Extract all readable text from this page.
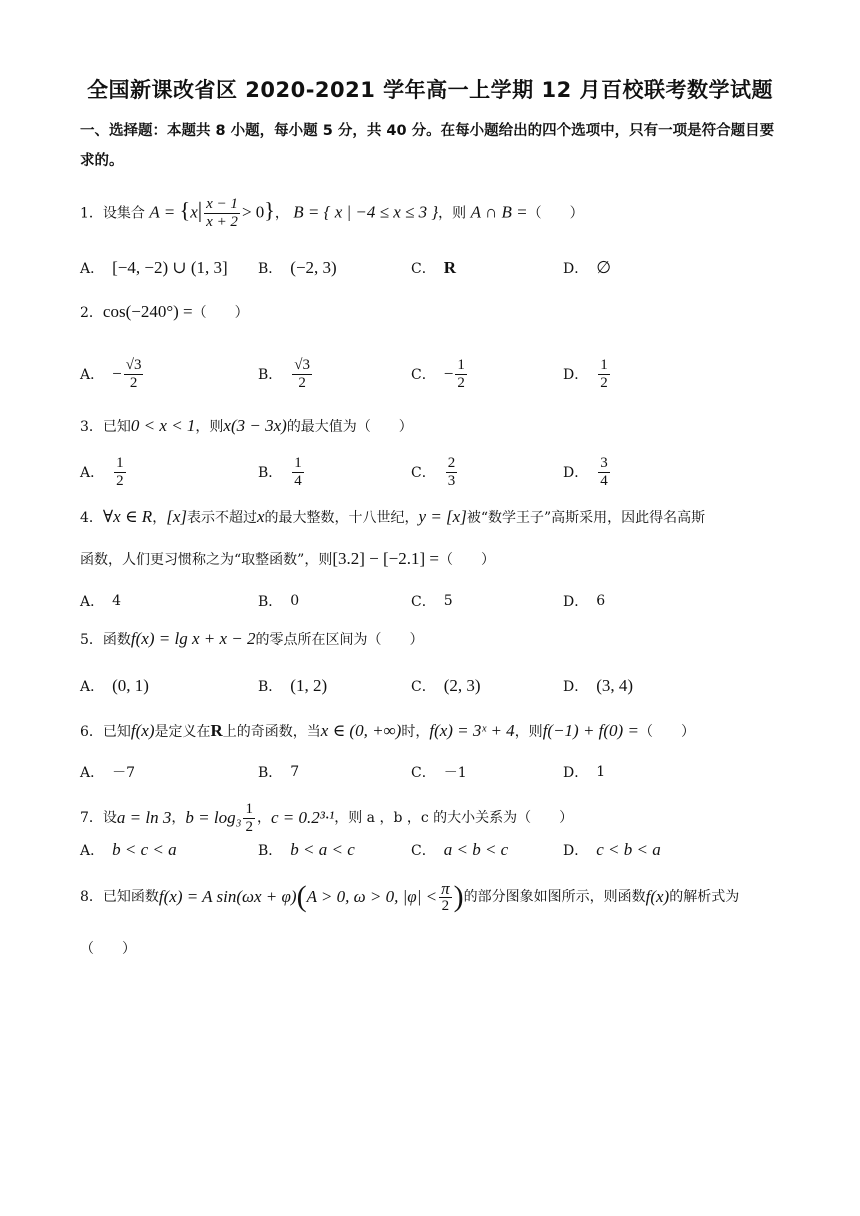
全国新课改省区 2020-2021 学年高一上学期 12 月百校联考数学试题
一、选择题：本题共 8 小题，每小题 5 分，共 40 分。在每小题给出的四个选项中，只有一项是符合题目要
求的。
1．设集合 $A = \{x| \frac{x - 1}{x + 2} > 0\}$， B = { x | −4 ≤ x ≤ 3 }，则 A ∩ B =（　　）
A． [−4, −2) ∪ (1, 3] B． (−2, 3)	C． R	D． ∅
2．cos(−240°) =（　　）
A． − $\frac{√3}{2}$	B． $\frac{√3}{2}$	C． − $\frac{1}{2}$	D． $\frac{1}{2}$
3．已知0 < x < 1，则x(3 − 3x)的最大值为（　　）
A． $\frac{1}{2}$	B． $\frac{1}{4}$	C． $\frac{2}{3}$	D． $\frac{3}{4}$
4．∀x ∈ R，[x]表示不超过x的最大整数，十八世纪，y = [x]被“数学王子”高斯采用，因此得名高斯
函数，人们更习惯称之为“取整函数”，则[3.2] − [−2.1] =（　　）
A． 4	B． 0	C． 5	D． 6
5．函数f(x) = lg x + x − 2的零点所在区间为（　　）
A． (0, 1)	B． (1, 2)	C． (2, 3)	D． (3, 4)
6．已知f(x)是定义在R上的奇函数，当x ∈ (0, +∞)时，f(x) = 3ˣ + 4，则f(−1) + f(0) =（　　）
A． －7	B． 7	C． －1	D． 1
7． 设 a = ln 3 ， $b = \log_3 \frac{1}{2}$ ， c = 0.2³·¹ ，则 a ，b ，c 的大小关系为 （　　）
A． b < c < a	B． b < a < c	C． a < b < c	D． c < b < a
8． 已知函数 f(x) = A sin(ωx + φ) ( A > 0, ω > 0, $|\varphi| < \frac{\pi}{2}$ ) 的部分图象如图所示，则函数 f(x) 的解析式为
（　　）
